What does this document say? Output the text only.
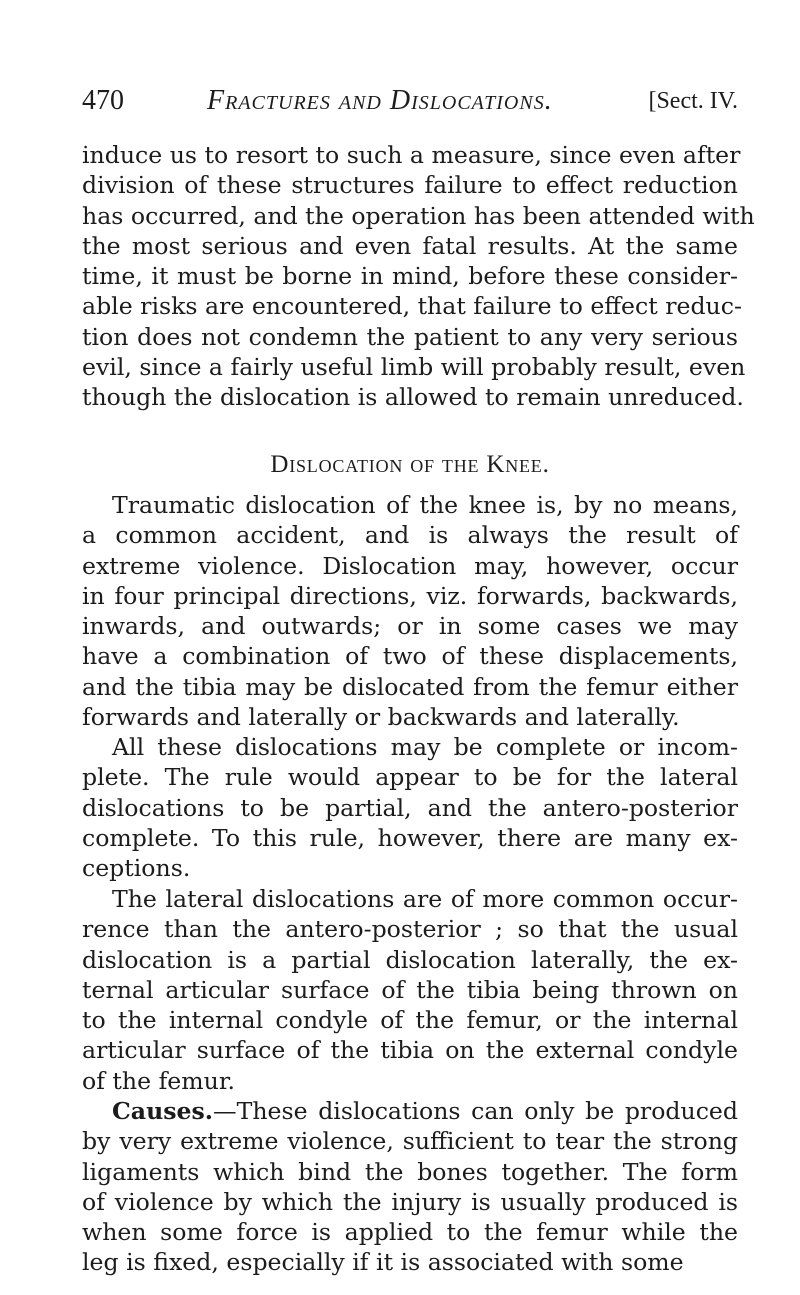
470	Fractures and Dislocations.	[Sect. IV.
induce us to resort to such a measure, since even after
division of these structures failure to effect reduction
has occurred, and the operation has been attended with
the most serious and even fatal results. At the same
time, it must be borne in mind, before these consider-
able risks are encountered, that failure to effect reduc-
tion does not condemn the patient to any very serious
evil, since a fairly useful limb will probably result, even
though the dislocation is allowed to remain unreduced.
Dislocation of the Knee.
Traumatic dislocation of the knee is, by no means,
a common accident, and is always the result of
extreme violence. Dislocation may, however, occur
in four principal directions, viz. forwards, backwards,
inwards, and outwards; or in some cases we may
have a combination of two of these displacements,
and the tibia may be dislocated from the femur either
forwards and laterally or backwards and laterally.
All these dislocations may be complete or incom-
plete. The rule would appear to be for the lateral
dislocations to be partial, and the antero-posterior
complete. To this rule, however, there are many ex-
ceptions.
The lateral dislocations are of more common occur-
rence than the antero-posterior ; so that the usual
dislocation is a partial dislocation laterally, the ex-
ternal articular surface of the tibia being thrown on
to the internal condyle of the femur, or the internal
articular surface of the tibia on the external condyle
of the femur.
Causes.—These dislocations can only be produced
by very extreme violence, sufficient to tear the strong
ligaments which bind the bones together. The form
of violence by which the injury is usually produced is
when some force is applied to the femur while the
leg is fixed, especially if it is associated with some
